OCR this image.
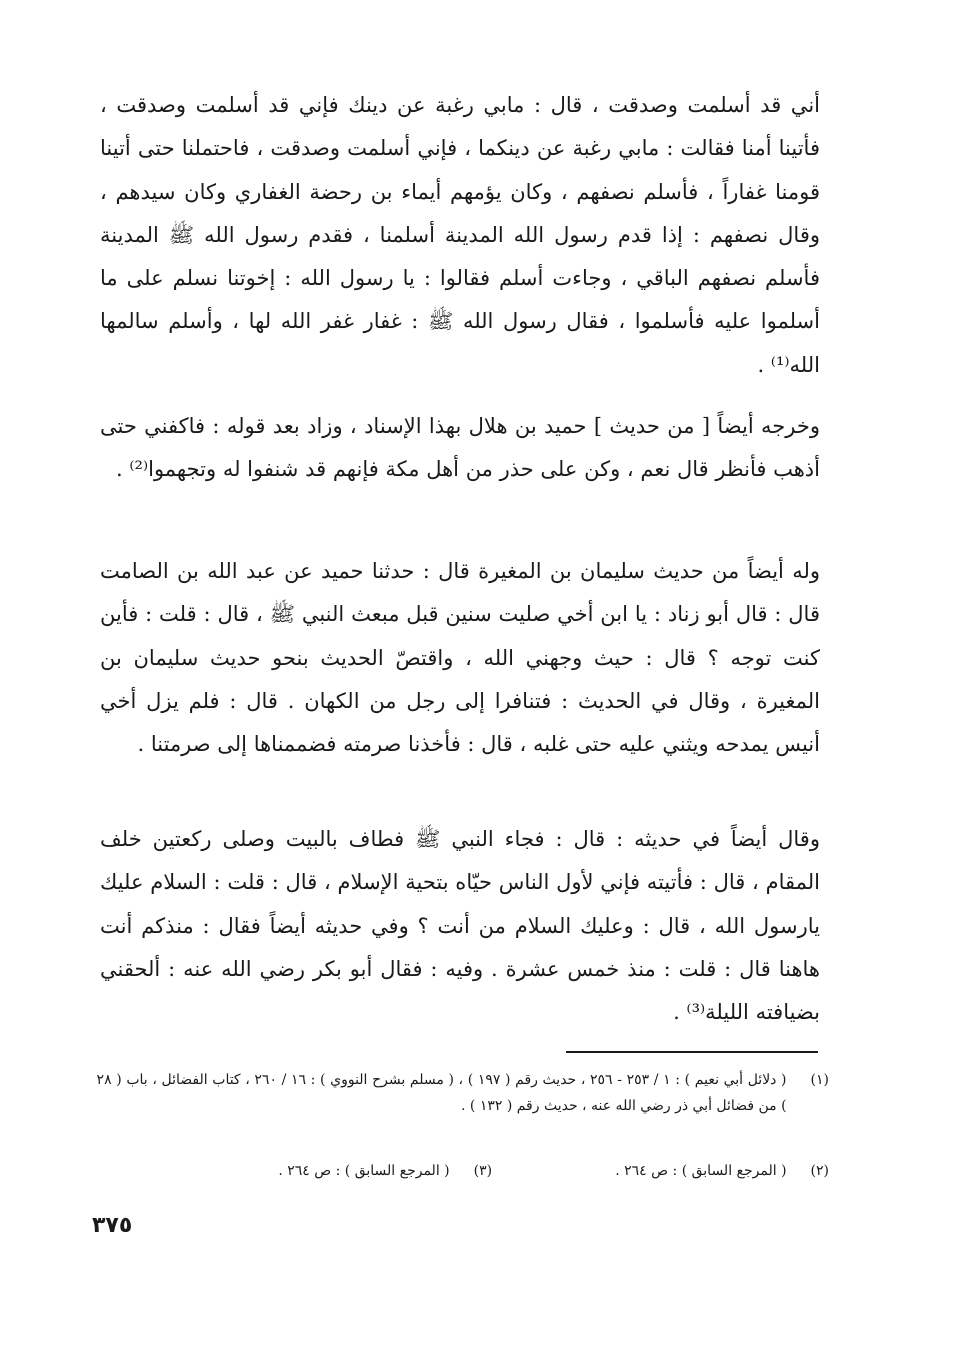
أني قد أسلمت وصدقت ، قال : مابي رغبة عن دينك فإني قد أسلمت وصدقت ، فأتينا أمنا فقالت : مابي رغبة عن دينكما ، فإني أسلمت وصدقت ، فاحتملنا حتى أتينا قومنا غفاراً ، فأسلم نصفهم ، وكان يؤمهم أيماء بن رحضة الغفاري وكان سيدهم ، وقال نصفهم : إذا قدم رسول الله المدينة أسلمنا ، فقدم رسول الله ﷺ المدينة فأسلم نصفهم الباقي ، وجاءت أسلم فقالوا : يا رسول الله : إخوتنا نسلم على ما أسلموا عليه فأسلموا ، فقال رسول الله ﷺ : غفار غفر الله لها ، وأسلم سالمها الله⁽¹⁾ .

وخرجه أيضاً [ من حديث ] حميد بن هلال بهذا الإسناد ، وزاد بعد قوله : فاكفني حتى أذهب فأنظر قال نعم ، وكن على حذر من أهل مكة فإنهم قد شنفوا له وتجهموا⁽²⁾ .

وله أيضاً من حديث سليمان بن المغيرة قال : حدثنا حميد عن عبد الله بن الصامت قال : قال أبو زناد : يا ابن أخي صليت سنين قبل مبعث النبي ﷺ ، قال : قلت : فأين كنت توجه ؟ قال : حيث وجهني الله ، واقتصّ الحديث بنحو حديث سليمان بن المغيرة ، وقال في الحديث : فتنافرا إلى رجل من الكهان . قال : فلم يزل أخي أنيس يمدحه ويثني عليه حتى غلبه ، قال : فأخذنا صرمته فضممناها إلى صرمتنا .

وقال أيضاً في حديثه : قال : فجاء النبي ﷺ فطاف بالبيت وصلى ركعتين خلف المقام ، قال : فأتيته فإني لأول الناس حيّاه بتحية الإسلام ، قال : قلت : السلام عليك يارسول الله ، قال : وعليك السلام من أنت ؟ وفي حديثه أيضاً فقال : منذكم أنت هاهنا قال : قلت : منذ خمس عشرة . وفيه : فقال أبو بكر رضي الله عنه : ألحقني بضيافته الليلة⁽³⁾ .

(١) ( دلائل أبي نعيم ) : ١ / ٢٥٣ - ٢٥٦ ، حديث رقم ( ١٩٧ ) ، ( مسلم بشرح النووي ) : ١٦ / ٢٦٠ ، كتاب الفضائل ، باب ( ٢٨ ) من فضائل أبي ذر رضي الله عنه ، حديث رقم ( ١٣٢ ) .
(٢) ( المرجع السابق ) : ص ٢٦٤ . (٣) ( المرجع السابق ) : ص ٢٦٤ .
٣٧٥
